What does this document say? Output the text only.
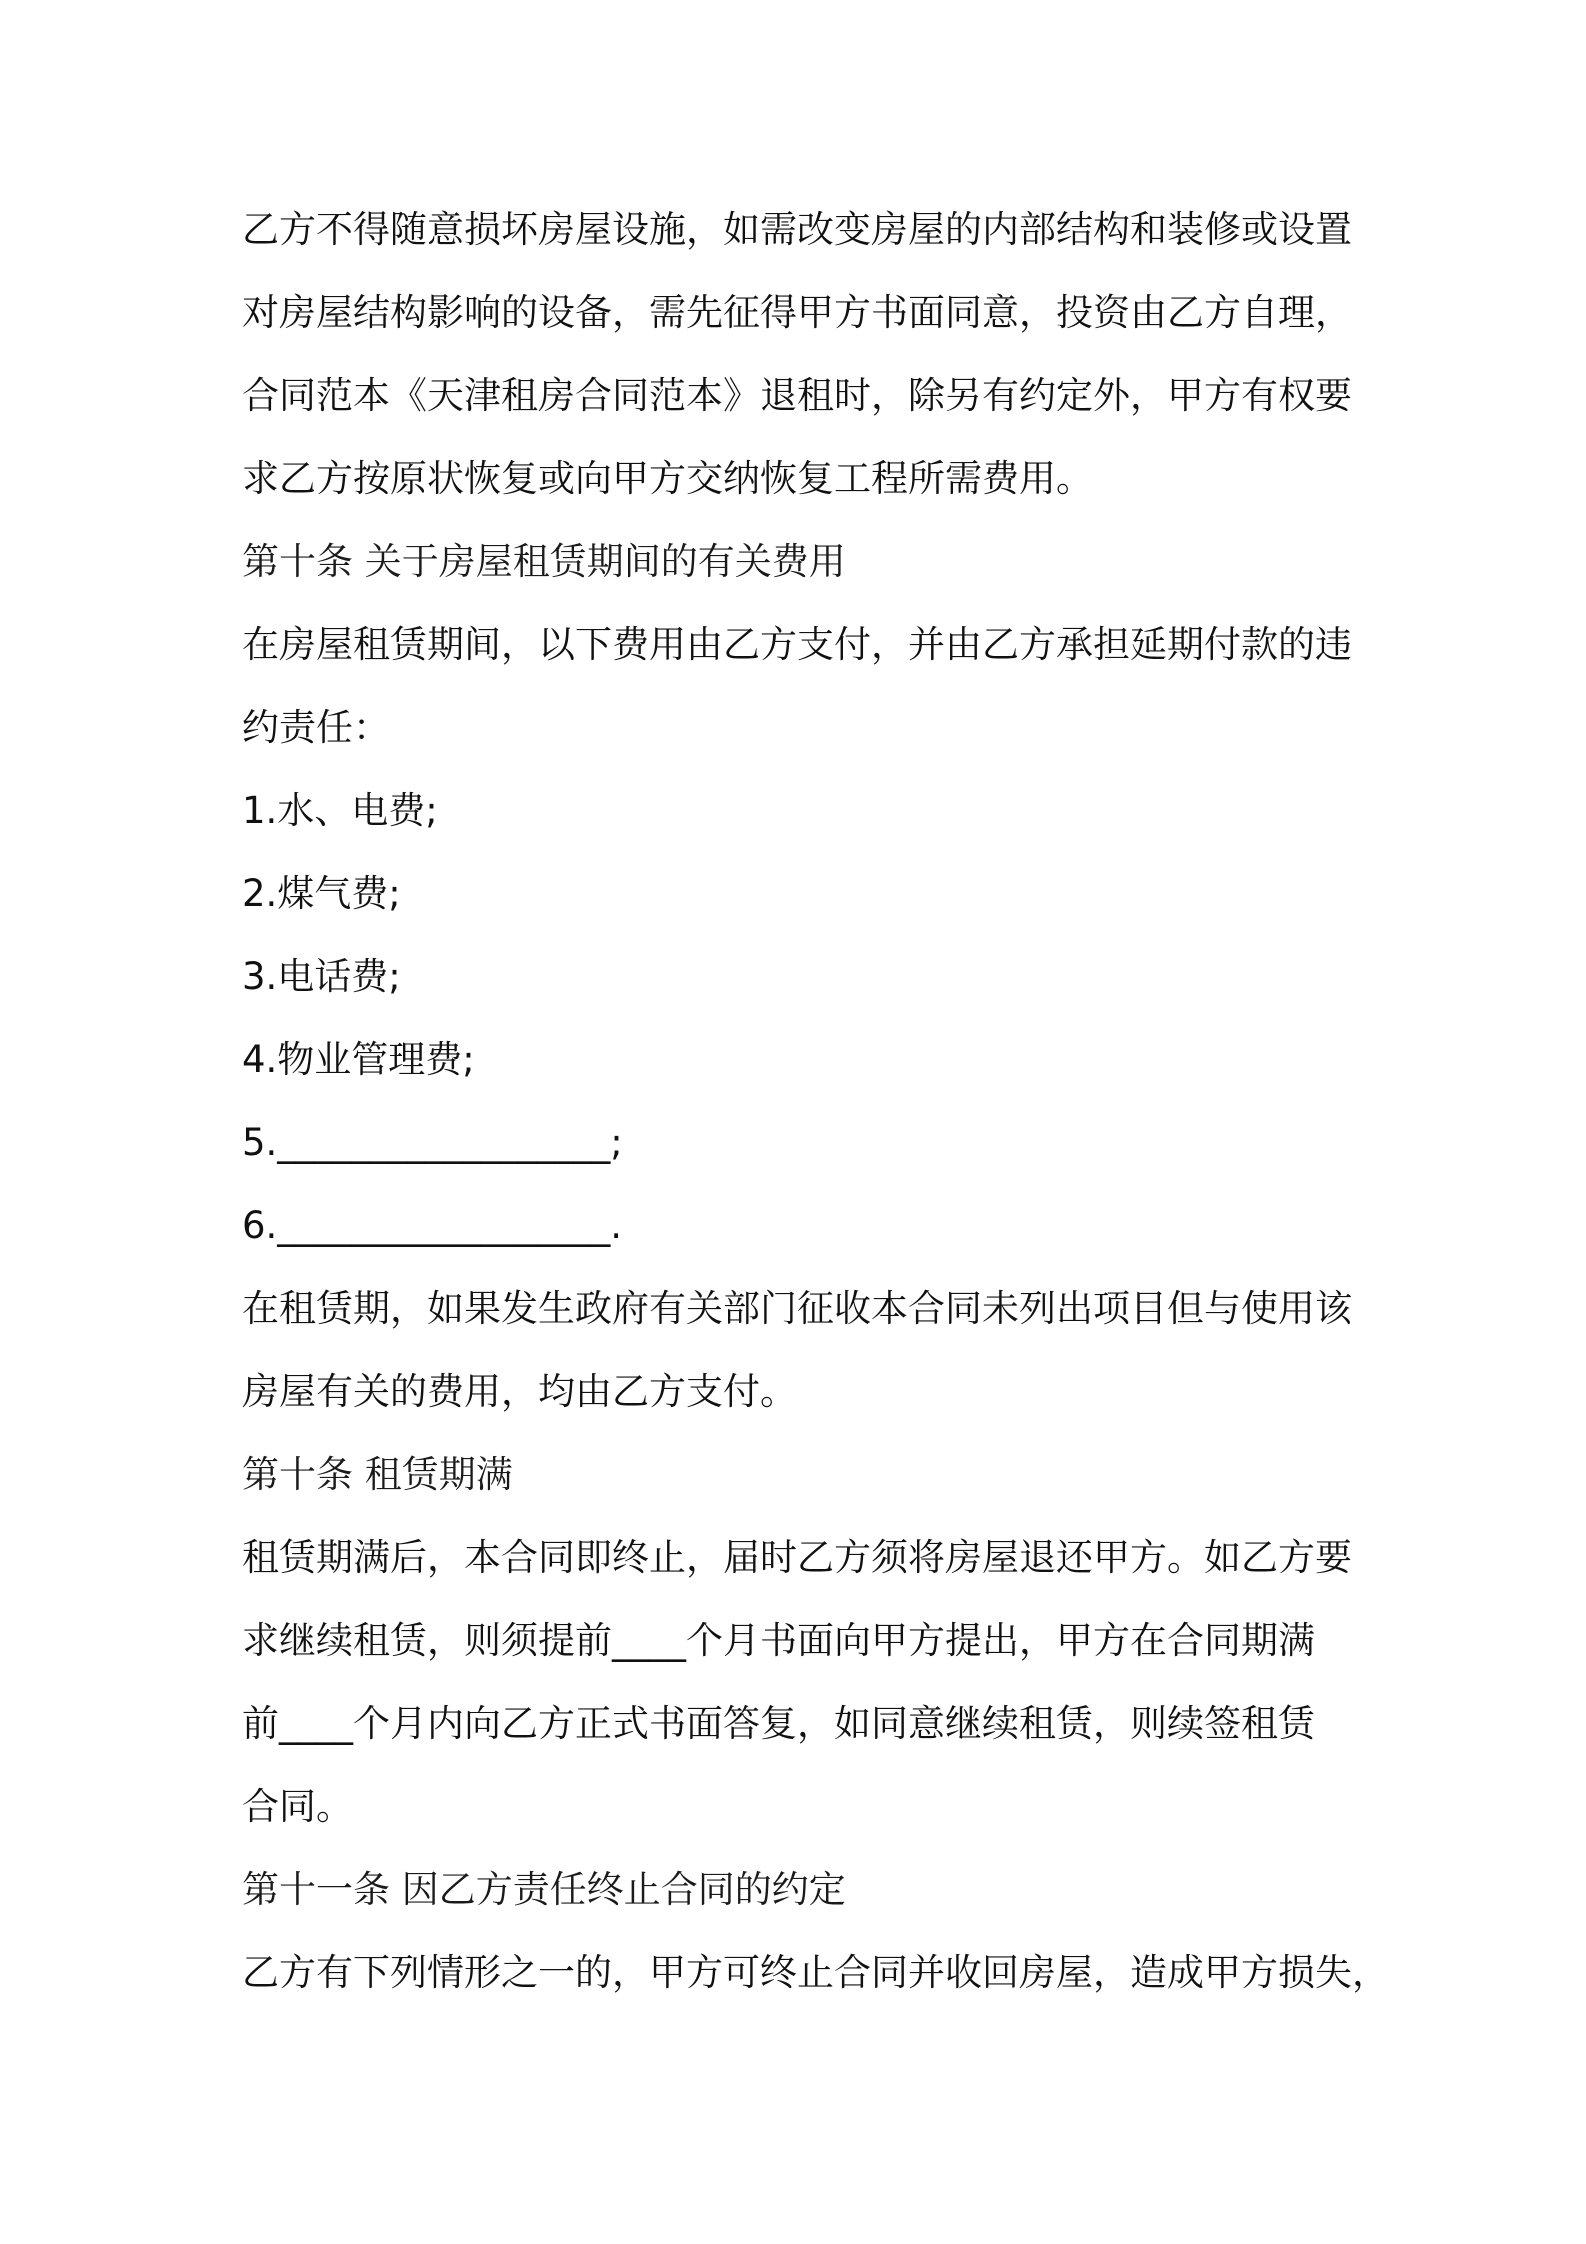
乙方不得随意损坏房屋设施，如需改变房屋的内部结构和装修或设置
对房屋结构影响的设备，需先征得甲方书面同意，投资由乙方自理，
合同范本《天津租房合同范本》退租时，除另有约定外，甲方有权要
求乙方按原状恢复或向甲方交纳恢复工程所需费用。
第十条 关于房屋租赁期间的有关费用
在房屋租赁期间，以下费用由乙方支付，并由乙方承担延期付款的违
约责任：
1.水、电费;
2.煤气费;
3.电话费;
4.物业管理费;
5.__________________;
6.__________________.
在租赁期，如果发生政府有关部门征收本合同未列出项目但与使用该
房屋有关的费用，均由乙方支付。
第十条 租赁期满
租赁期满后，本合同即终止，届时乙方须将房屋退还甲方。如乙方要
求继续租赁，则须提前____个月书面向甲方提出，甲方在合同期满
前____个月内向乙方正式书面答复，如同意继续租赁，则续签租赁
合同。
第十一条 因乙方责任终止合同的约定
乙方有下列情形之一的，甲方可终止合同并收回房屋，造成甲方损失，
